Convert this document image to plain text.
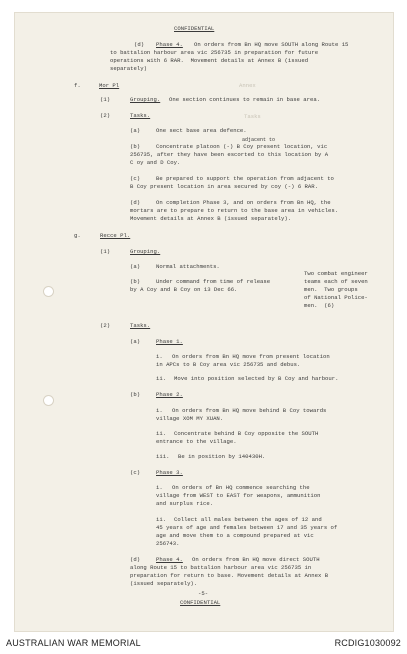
CONFIDENTIAL
(d) Phase 4. On orders from Bn HQ move SOUTH along Route 15
to battalion harbour area vic 256735 in preparation for future
operations with 6 RAR.  Movement details at Annex B (issued
separately)
Annex
Tasks
f.	Mor Pl
(1)	Grouping. One section continues to remain in base area.
(2)	Tasks.
(a)	One sect base area defence.
adjacent to
(b)	Concentrate platoon (-) B Coy present location, vic
256735, after they have been escorted to this location by A
C oy and D Coy.
(c)	Be prepared to support the operation from adjacent to
B Coy present location in area secured by coy (-) 6 RAR.
(d)	On completion Phase 3, and on orders from Bn HQ, the
mortars are to prepare to return to the base area in vehicles.
Movement details at Annex B (issued separately).
g.	Recce Pl.
(1)	Grouping.
(a)	Normal attachments.
(b)	Under command from time of release
by A Coy and B Coy on 13 Dec 66.
Two combat engineer
teams each of seven
men.  Two groups
of National Police-
men.  (6)
(2)	Tasks.
(a)	Phase 1.
i. On orders from Bn HQ move from present location
in APCs to B Coy area vic 256735 and debus.
ii. Move into position selected by B Coy and harbour.
(b)	Phase 2.
i. On orders from Bn HQ move behind B Coy towards
village XOM MY XUAN.
ii. Concentrate behind B Coy opposite the SOUTH
entrance to the village.
iii. Be in position by 140430H.
(c)	Phase 3.
i. On orders of Bn HQ commence searching the
village from WEST to EAST for weapons, ammunition
and surplus rice.
ii. Collect all males between the ages of 12 and
45 years of age and females between 17 and 35 years of
age and move them to a compound prepared at vic
256743.
(d)	Phase 4. On orders from Bn HQ move direct SOUTH
along Route 15 to battalion harbour area vic 256735 in
preparation for return to base. Movement details at Annex B
(issued separately).
-5-
CONFIDENTIAL
AUSTRALIAN WAR MEMORIAL	RCDIG1030092
